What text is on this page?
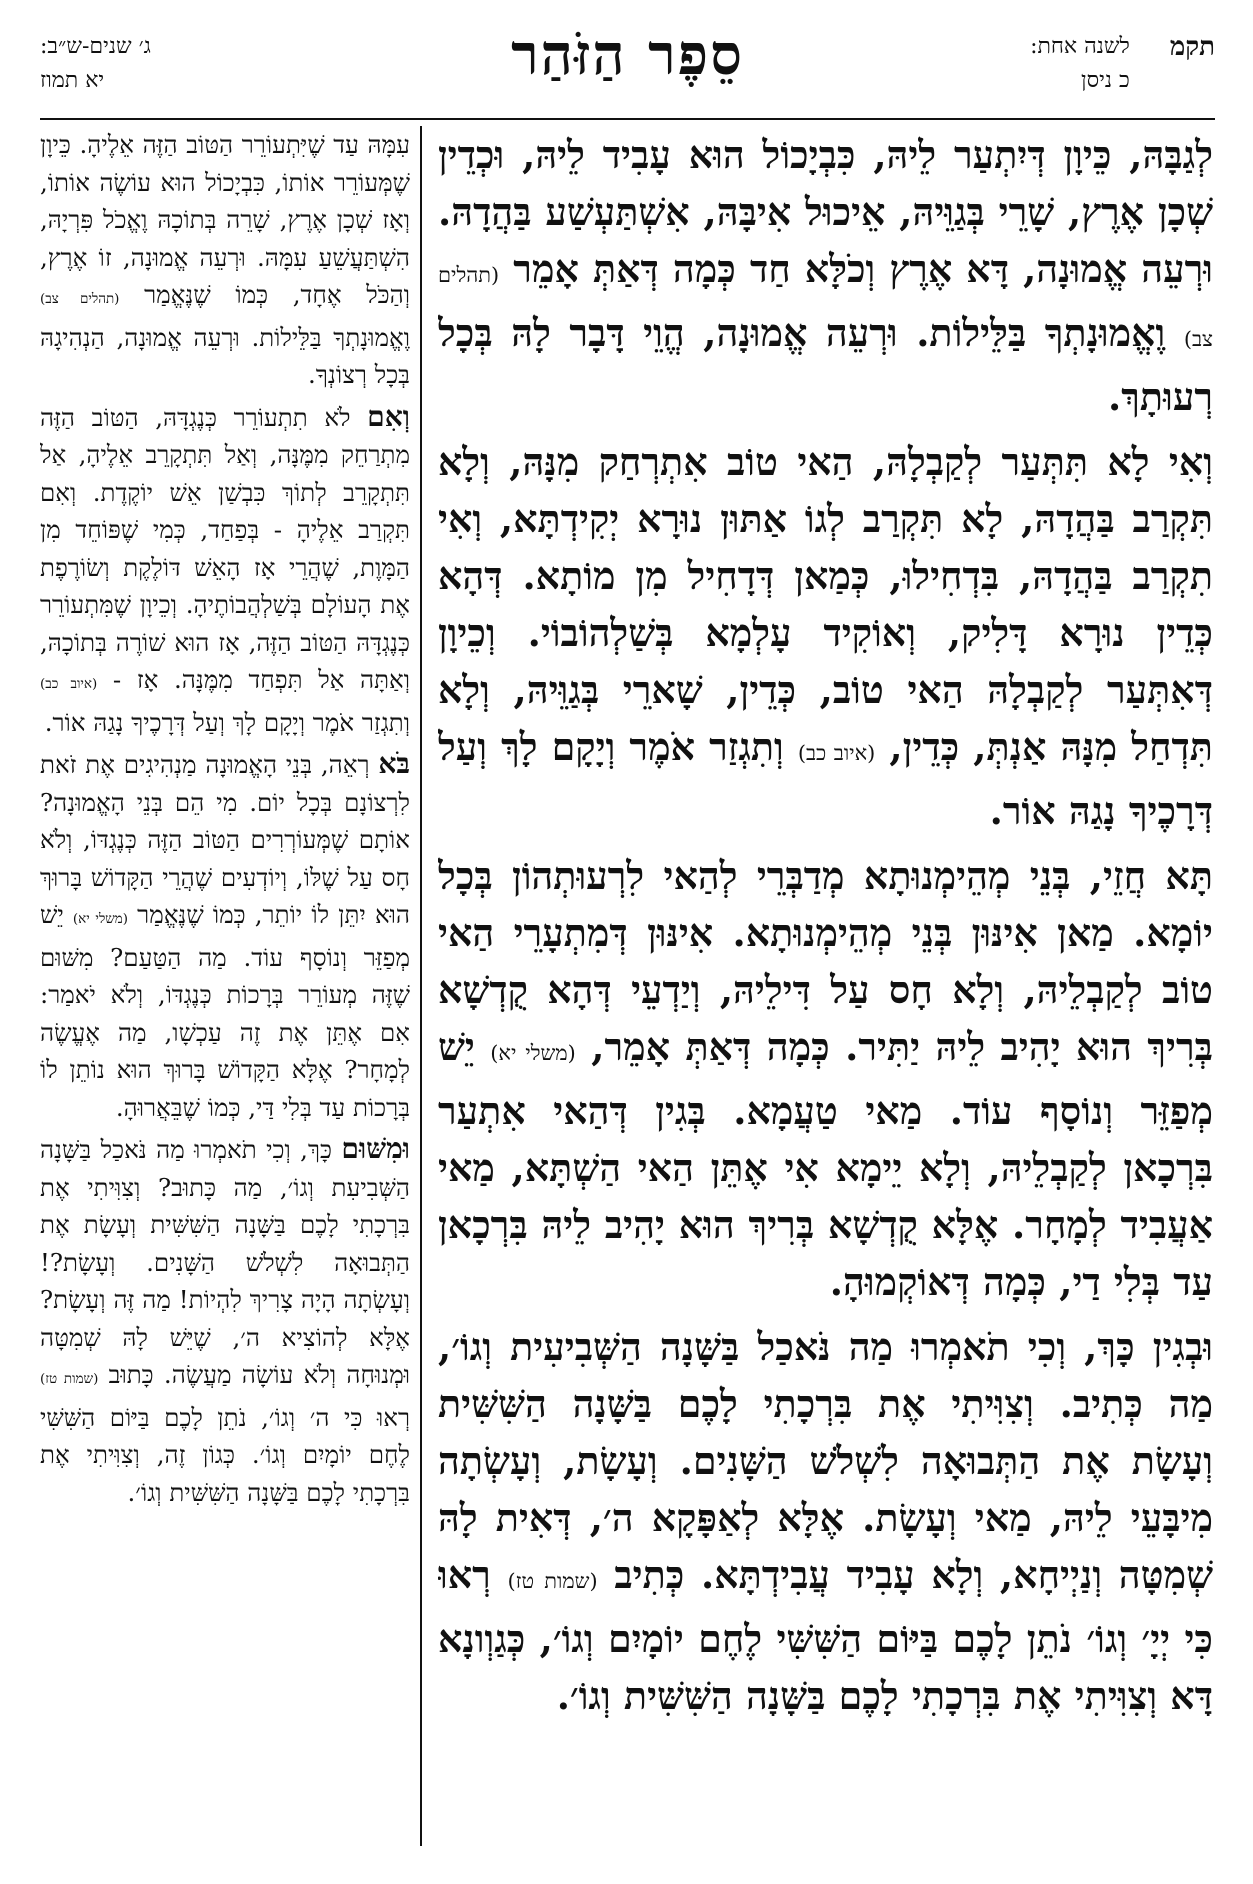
תקמלשנה אחת:
כ ניסן
סֵפֶר הַזֹּהַר
ג׳ שנים-ש״ב:
יא תמוז

לְגַבָּהּ, כֵּיוָן דְּיִתְעַר לֵיהּ, כִּבְיָכוֹל הוּא עָבִיד לֵיהּ, וּכְדֵין שְׁכָן אֶרֶץ, שָׁרֵי בְּגַוֵּיהּ, אֵיכוּל אִיבָּהּ, אִשְׁתַּעְשַׁע בַּהֲדָהּ. וּרְעֵה אֱמוּנָה, דָּא אֶרֶץ וְכֹלָּא חַד כְּמָה דְּאַתְּ אָמֵר (תהלים צב) וֶאֱמוּנָתְךָ בַּלֵּילוֹת. וּרְעֵה אֱמוּנָה, הֱוֵי דָּבָר לָהּ בְּכָל רְעוּתָךְ.

וְאִי לָא תִּתְּעַר לְקַבְלָהּ, הַאי טוֹב אִתְרְחַק מִנָּהּ, וְלָא תִּקְרַב בַּהֲדָהּ, לָא תִּקְרַב לְגוֹ אַתּוּן נוּרָא יְקִידְתָּא, וְאִי תִקְרַב בַּהֲדָהּ, בִּדְחִילוּ, כְּמַאן דְּדָחִיל מִן מוֹתָא. דְּהָא כְּדֵין נוּרָא דָּלִיק, וְאוֹקִיד עָלְמָא בְּשַׁלְהוֹבוֹי. וְכֵיוָן דְּאִתְּעַר לְקַבְלָהּ הַאי טוֹב, כְּדֵין, שָׁארֵי בְּגַוֵּיהּ, וְלָא תִּדְחַל מִנָּהּ אַנְתְּ, כְּדֵין, (איוב כב) וְתִגְזַר אֹמֶר וְיָקָם לָךְ וְעַל דְּרָכֶיךָ נָגַהּ אוֹר.

תָּא חֲזֵי, בְּנֵי מְהֵימְנוּתָא מְדַבְּרֵי לְהַאי לִרְעוּתְהוֹן בְּכָל יוֹמָא. מַאן אִינּוּן בְּנֵי מְהֵימְנוּתָא. אִינּוּן דְּמִתְעָרֵי הַאי טוֹב לְקַבְלֵיהּ, וְלָא חָס עַל דִּילֵיהּ, וְיַדְעֵי דְּהָא קֻדְשָׁא בְּרִיךְ הוּא יָהִיב לֵיהּ יַתִּיר. כְּמָה דְּאַתְּ אָמֵר, (משלי יא) יֵשׁ מְפַזֵּר וְנוֹסָף עוֹד. מַאי טַעֲמָא. בְּגִין דְּהַאי אִתְעַר בִּרְכָאן לְקַבְלֵיהּ, וְלָא יֵימָא אִי אֶתֵּן הַאי הַשְׁתָּא, מַאי אַעֲבִיד לְמָחָר. אֶלָּא קֻדְשָׁא בְּרִיךְ הוּא יָהִיב לֵיהּ בִּרְכָאן עַד בְּלִי דַי, כְּמָה דְּאוֹקְמוּהָ.

וּבְגִין כָּךְ, וְכִי תֹאמְרוּ מַה נֹּאכַל בַּשָּׁנָה הַשְּׁבִיעִית וְגוֹ׳, מַה כְּתִיב. וְצִוִּיתִי אֶת בִּרְכָתִי לָכֶם בַּשָּׁנָה הַשִּׁשִּׁית וְעָשָׂת אֶת הַתְּבוּאָה לִשְׁלֹשׁ הַשָּׁנִים. וְעָשָׂת, וְעָשְׂתָה מִיבָּעֵי לֵיהּ, מַאי וְעָשָׂת. אֶלָּא לְאַפָּקָא ה׳, דְּאִית לָהּ שְׁמִטָּה וְנַיְיחָא, וְלָא עָבִיד עֲבִידְתָּא. כְּתִיב (שמות טז) רְאוּ כִּי יְיָ׳ וְגוֹ׳ נֹתֵן לָכֶם בַּיּוֹם הַשִּׁשִּׁי לֶחֶם יוֹמָיִם וְגוֹ׳, כְּגַוְונָא דָּא וְצִוִּיתִי אֶת בִּרְכָתִי לָכֶם בַּשָּׁנָה הַשִּׁשִּׁית וְגוֹ׳.

עִמָּהּ עַד שֶׁיִּתְעוֹרֵר הַטּוֹב הַזֶּה אֵלֶיהָ. כֵּיוָן שֶׁמְּעוֹרֵר אוֹתוֹ, כִּבְיָכוֹל הוּא עוֹשֶׂה אוֹתוֹ, וְאָז שְׁכָן אֶרֶץ, שָׁרֵה בְּתוֹכָהּ וֶאֱכֹל פִּרְיָהּ, הִשְׁתַּעֲשֵׁעַ עִמָּהּ. וּרְעֵה אֱמוּנָה, זוֹ אֶרֶץ, וְהַכֹּל אֶחָד, כְּמוֹ שֶׁנֶּאֱמַר (תהלים צב) וֶאֱמוּנָתְךָ בַּלֵּילוֹת. וּרְעֵה אֱמוּנָה, הַנְהִיגָהּ בְּכָל רְצוֹנְךָ.

וְאִם לֹא תִתְעוֹרֵר כְּנֶגְדָּהּ, הַטּוֹב הַזֶּה מִתְרַחֵק מִמֶּנָּה, וְאַל תִּתְקָרֵב אֵלֶיהָ, אַל תִּתְקָרֵב לְתוֹךְ כִּבְשַׁן אֵשׁ יוֹקֶדֶת. וְאִם תִּקְרַב אֵלֶיהָ - בְּפַחַד, כְּמִי שֶׁפּוֹחֵד מִן הַמָּוֶת, שֶׁהֲרֵי אָז הָאֵשׁ דּוֹלֶקֶת וְשׂוֹרֶפֶת אֶת הָעוֹלָם בְּשַׁלְהֲבוֹתֶיהָ. וְכֵיוָן שֶׁמִּתְעוֹרֵר כְּנֶגְדָּהּ הַטּוֹב הַזֶּה, אָז הוּא שׁוֹרֶה בְּתוֹכָהּ, וְאַתָּה אַל תִּפְחַד מִמֶּנָּה. אָז - (איוב כב) וְתִגְזַר אֹמֶר וְיָקָם לָךְ וְעַל דְּרָכֶיךָ נָגַהּ אוֹר.

בֹּא רְאֵה, בְּנֵי הָאֱמוּנָה מַנְהִיגִים אֶת זֹאת לִרְצוֹנָם בְּכָל יוֹם. מִי הֵם בְּנֵי הָאֱמוּנָה? אוֹתָם שֶׁמְּעוֹרְרִים הַטּוֹב הַזֶּה כְּנֶגְדּוֹ, וְלֹא חָס עַל שֶׁלּוֹ, וְיוֹדְעִים שֶׁהֲרֵי הַקָּדוֹשׁ בָּרוּךְ הוּא יִתֵּן לוֹ יוֹתֵר, כְּמוֹ שֶׁנֶּאֱמַר (משלי יא) יֵשׁ מְפַזֵּר וְנוֹסָף עוֹד. מַה הַטַּעַם? מִשּׁוּם שֶׁזֶּה מְעוֹרֵר בְּרָכוֹת כְּנֶגְדּוֹ, וְלֹא יֹאמַר: אִם אֶתֵּן אֶת זֶה עַכְשָׁו, מַה אֶעֱשֶׂה לְמָחָר? אֶלָּא הַקָּדוֹשׁ בָּרוּךְ הוּא נוֹתֵן לוֹ בְּרָכוֹת עַד בְּלִי דַּי, כְּמוֹ שֶׁבֵּאֲרוּהָ.

וּמִשּׁוּם כָּךְ, וְכִי תֹאמְרוּ מַה נֹּאכַל בַּשָּׁנָה הַשְּׁבִיעִת וְגוֹ׳, מַה כָּתוּב? וְצִוִּיתִי אֶת בִּרְכָתִי לָכֶם בַּשָּׁנָה הַשִּׁשִּׁית וְעָשָׂת אֶת הַתְּבוּאָה לִשְׁלֹשׁ הַשָּׁנִים. וְעָשָׂת?! וְעָשְׂתָה הָיָה צָרִיךְ לִהְיוֹת! מַה זֶּה וְעָשָׂת? אֶלָּא לְהוֹצִיא ה׳, שֶׁיֵּשׁ לָהּ שְׁמִטָּה וּמְנוּחָה וְלֹא עוֹשָׂה מַעֲשֶׂה. כָּתוּב (שמות טז) רְאוּ כִּי ה׳ וְגוֹ׳, נֹתֵן לָכֶם בַּיּוֹם הַשִּׁשִּׁי לֶחֶם יוֹמָיִם וְגוֹ׳. כְּגוֹן זֶה, וְצִוִּיתִי אֶת בִּרְכָתִי לָכֶם בַּשָּׁנָה הַשִּׁשִּׁית וְגוֹ׳.
